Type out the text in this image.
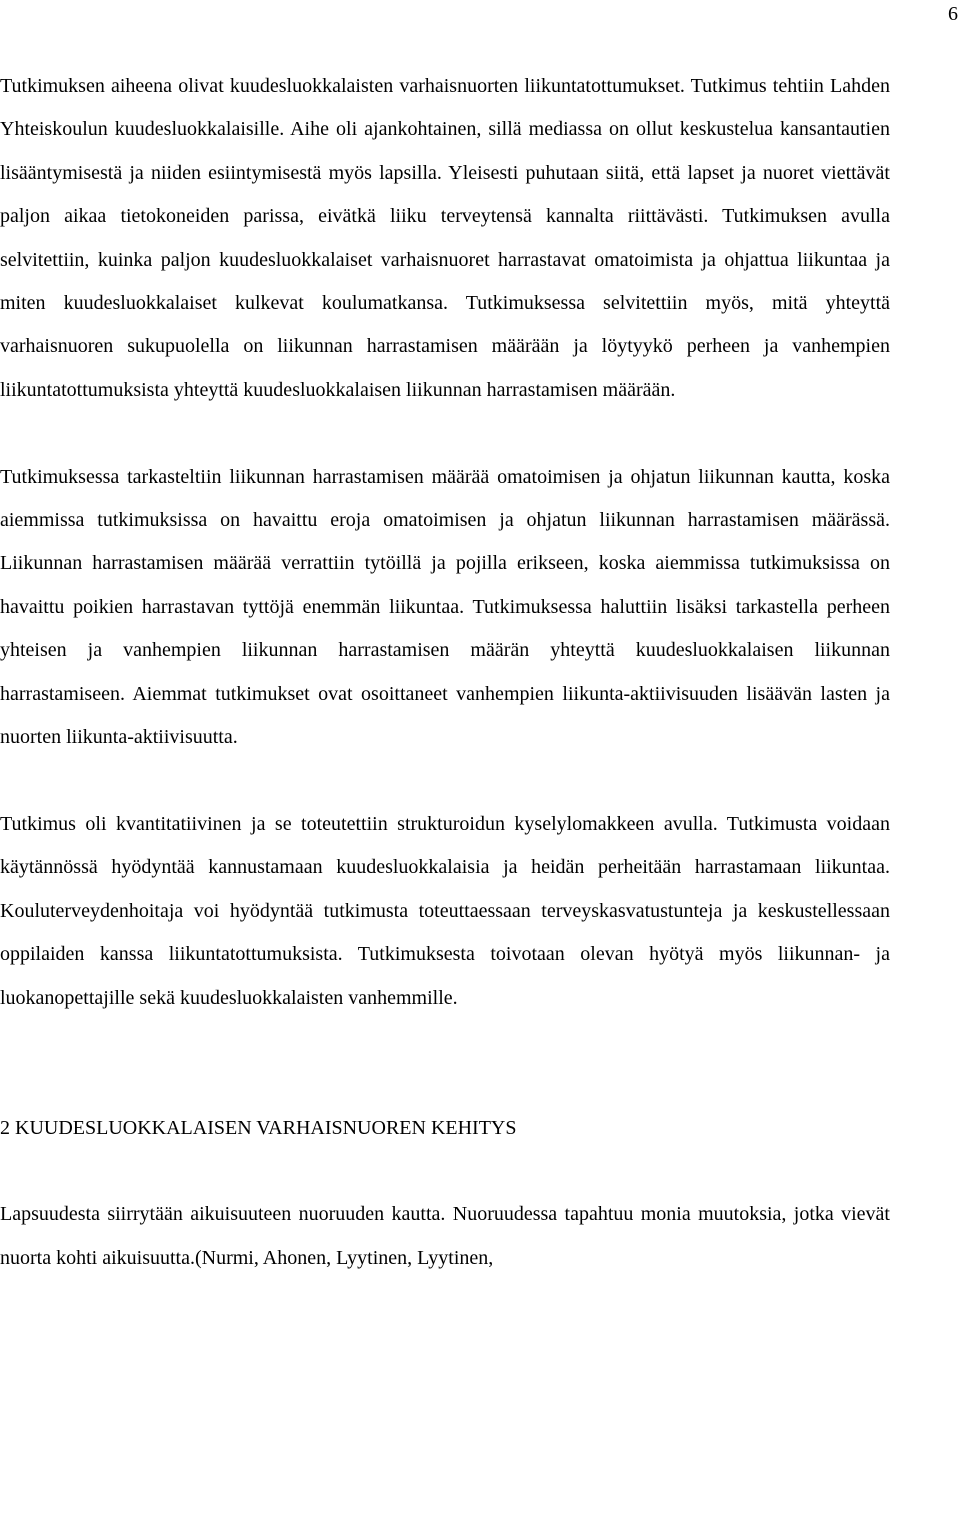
6

Tutkimuksen aiheena olivat kuudesluokkalaisten varhaisnuorten liikuntatottumukset. Tutkimus tehtiin Lahden Yhteiskoulun kuudesluokkalaisille. Aihe oli ajankohtainen, sillä mediassa on ollut keskustelua kansantautien lisääntymisestä ja niiden esiintymisestä myös lapsilla. Yleisesti puhutaan siitä, että lapset ja nuoret viettävät paljon aikaa tietokoneiden parissa, eivätkä liiku terveytensä kannalta riittävästi. Tutkimuksen avulla selvitettiin, kuinka paljon kuudesluokkalaiset varhaisnuoret harrastavat omatoimista ja ohjattua liikuntaa ja miten kuudesluokkalaiset kulkevat koulumatkansa. Tutkimuksessa selvitettiin myös, mitä yhteyttä varhaisnuoren sukupuolella on liikunnan harrastamisen määrään ja löytyykö perheen ja vanhempien liikuntatottumuksista yhteyttä kuudesluokkalaisen liikunnan harrastamisen määrään.

Tutkimuksessa tarkasteltiin liikunnan harrastamisen määrää omatoimisen ja ohjatun liikunnan kautta, koska aiemmissa tutkimuksissa on havaittu eroja omatoimisen ja ohjatun liikunnan harrastamisen määrässä. Liikunnan harrastamisen määrää verrattiin tytöillä ja pojilla erikseen, koska aiemmissa tutkimuksissa on havaittu poikien harrastavan tyttöjä enemmän liikuntaa. Tutkimuksessa haluttiin lisäksi tarkastella perheen yhteisen ja vanhempien liikunnan harrastamisen määrän yhteyttä kuudesluokkalaisen liikunnan harrastamiseen. Aiemmat tutkimukset ovat osoittaneet vanhempien liikunta-aktiivisuuden lisäävän lasten ja nuorten liikunta-aktiivisuutta.

Tutkimus oli kvantitatiivinen ja se toteutettiin strukturoidun kyselylomakkeen avulla. Tutkimusta voidaan käytännössä hyödyntää kannustamaan kuudesluokkalaisia ja heidän perheitään harrastamaan liikuntaa. Kouluterveydenhoitaja voi hyödyntää tutkimusta toteuttaessaan terveyskasvatustunteja ja keskustellessaan oppilaiden kanssa liikuntatottumuksista. Tutkimuksesta toivotaan olevan hyötyä myös liikunnan- ja luokanopettajille sekä kuudesluokkalaisten vanhemmille.

2 KUUDESLUOKKALAISEN VARHAISNUOREN KEHITYS

Lapsuudesta siirrytään aikuisuuteen nuoruuden kautta. Nuoruudessa tapahtuu monia muutoksia, jotka vievät nuorta kohti aikuisuutta.(Nurmi, Ahonen, Lyytinen, Lyytinen,
